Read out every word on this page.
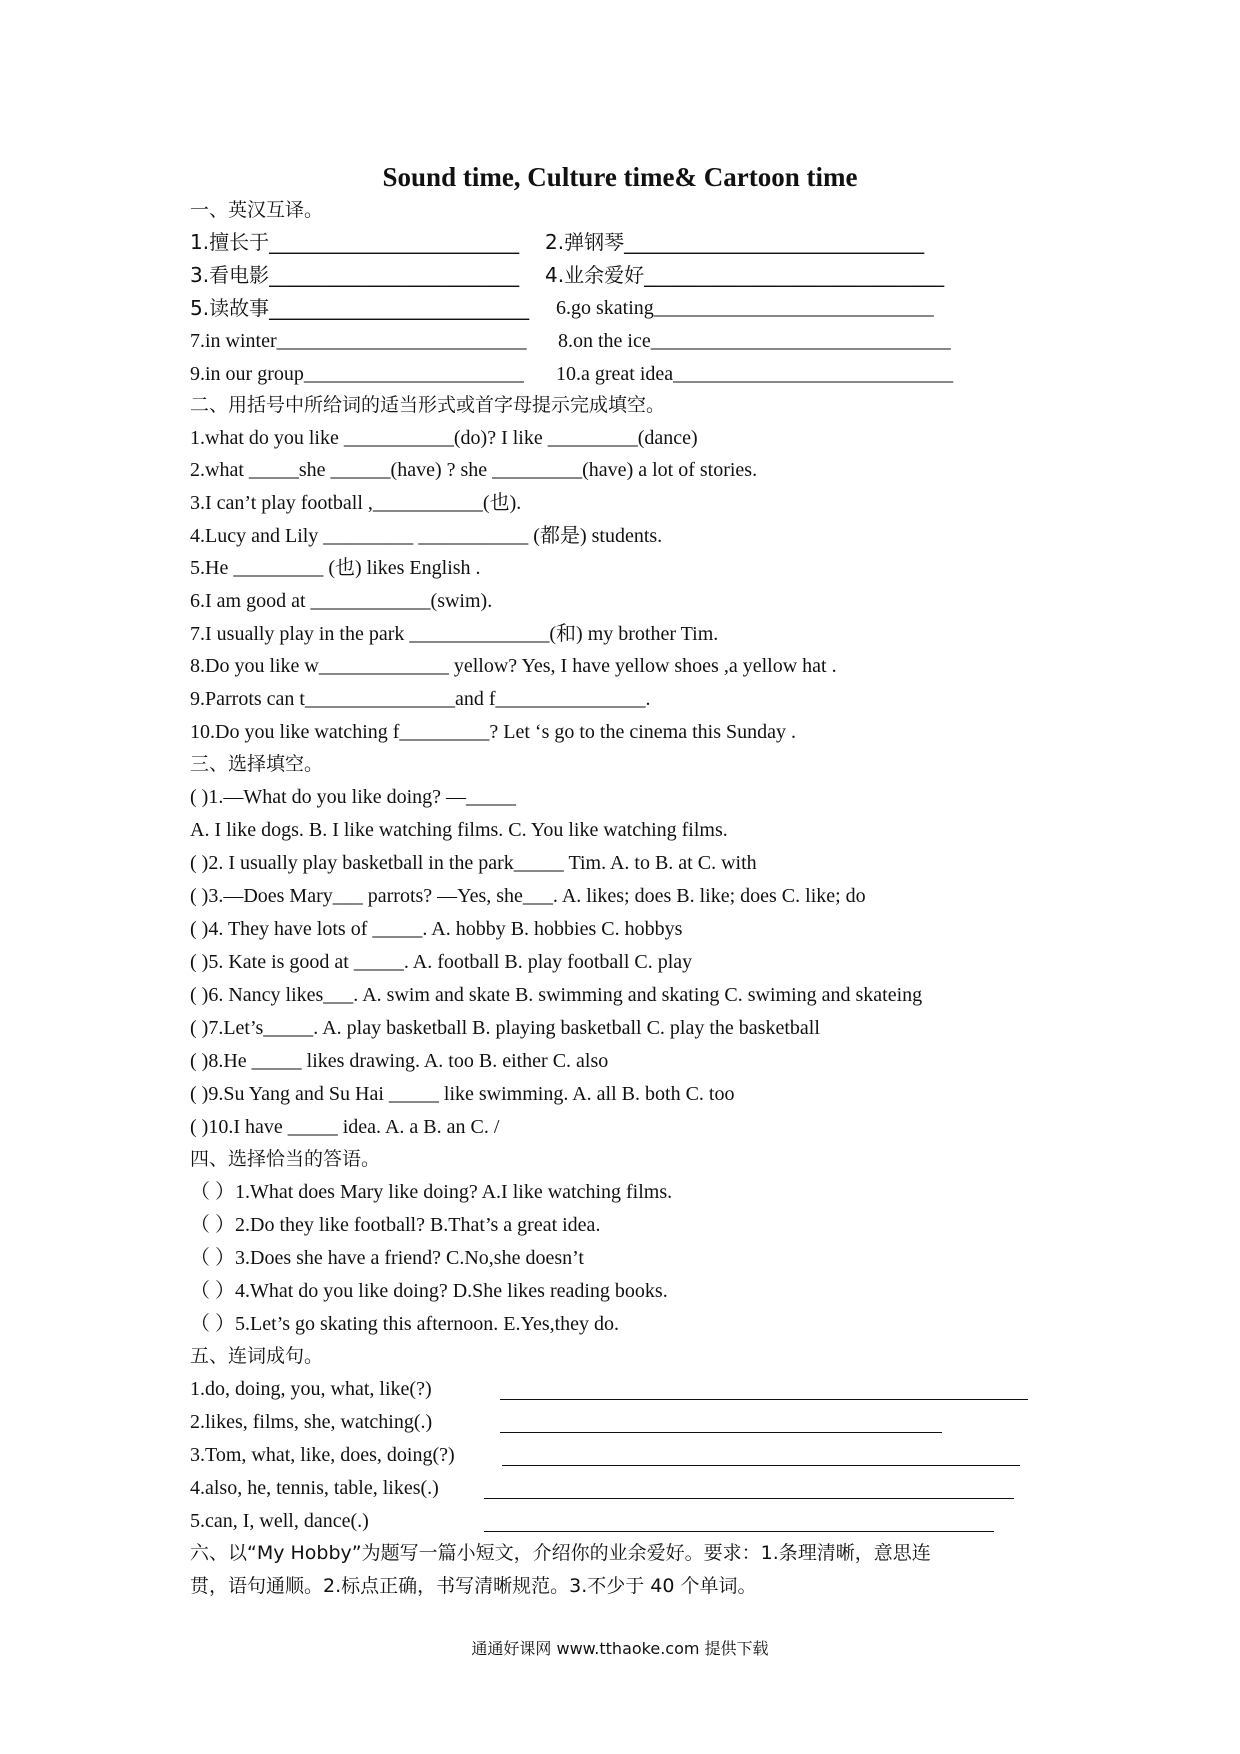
Sound time, Culture time& Cartoon time
一、英汉互译。
1.擅长于_________________________ 2.弹钢琴______________________________
3.看电影_________________________ 4.业余爱好______________________________
5.读故事__________________________ 6.go skating____________________________
7.in winter_________________________ 8.on the ice______________________________
9.in our group______________________ 10.a great idea____________________________
二、用括号中所给词的适当形式或首字母提示完成填空。
1.what do you like ___________(do)? I like _________(dance)
2.what _____she ______(have) ? she _________(have) a lot of stories.
3.I can’t play football ,___________(也).
4.Lucy and Lily _________ ___________ (都是) students.
5.He _________ (也) likes English .
6.I am good at ____________(swim).
7.I usually play in the park ______________(和) my brother Tim.
8.Do you like w_____________ yellow? Yes, I have yellow shoes ,a yellow hat .
9.Parrots can t_______________and f_______________.
10.Do you like watching f_________? Let ‘s go to the cinema this Sunday .
三、选择填空。
( )1.—What do you like doing? —_____
A. I like dogs. B. I like watching films. C. You like watching films.
( )2. I usually play basketball in the park_____ Tim. A. to B. at C. with
( )3.—Does Mary___ parrots? —Yes, she___. A. likes; does B. like; does C. like; do
( )4. They have lots of _____. A. hobby B. hobbies C. hobbys
( )5. Kate is good at _____. A. football B. play football C. play
( )6. Nancy likes___. A. swim and skate B. swimming and skating C. swiming and skateing
( )7.Let’s_____. A. play basketball B. playing basketball C. play the basketball
( )8.He _____ likes drawing. A. too B. either C. also
( )9.Su Yang and Su Hai _____ like swimming. A. all B. both C. too
( )10.I have _____ idea. A. a B. an C. /
四、选择恰当的答语。
（ ）1.What does Mary like doing? A.I like watching films.
（ ）2.Do they like football? B.That’s a great idea.
（ ）3.Does she have a friend? C.No,she doesn’t
（ ）4.What do you like doing? D.She likes reading books.
（ ）5.Let’s go skating this afternoon. E.Yes,they do.
五、连词成句。
1.do, doing, you, what, like(?)
2.likes, films, she, watching(.)
3.Tom, what, like, does, doing(?)
4.also, he, tennis, table, likes(.)
5.can, I, well, dance(.)
六、以“My Hobby”为题写一篇小短文，介绍你的业余爱好。要求：1.条理清晰，意思连
贯，语句通顺。2.标点正确，书写清晰规范。3.不少于 40 个单词。
通通好课网 www.tthaoke.com 提供下载
